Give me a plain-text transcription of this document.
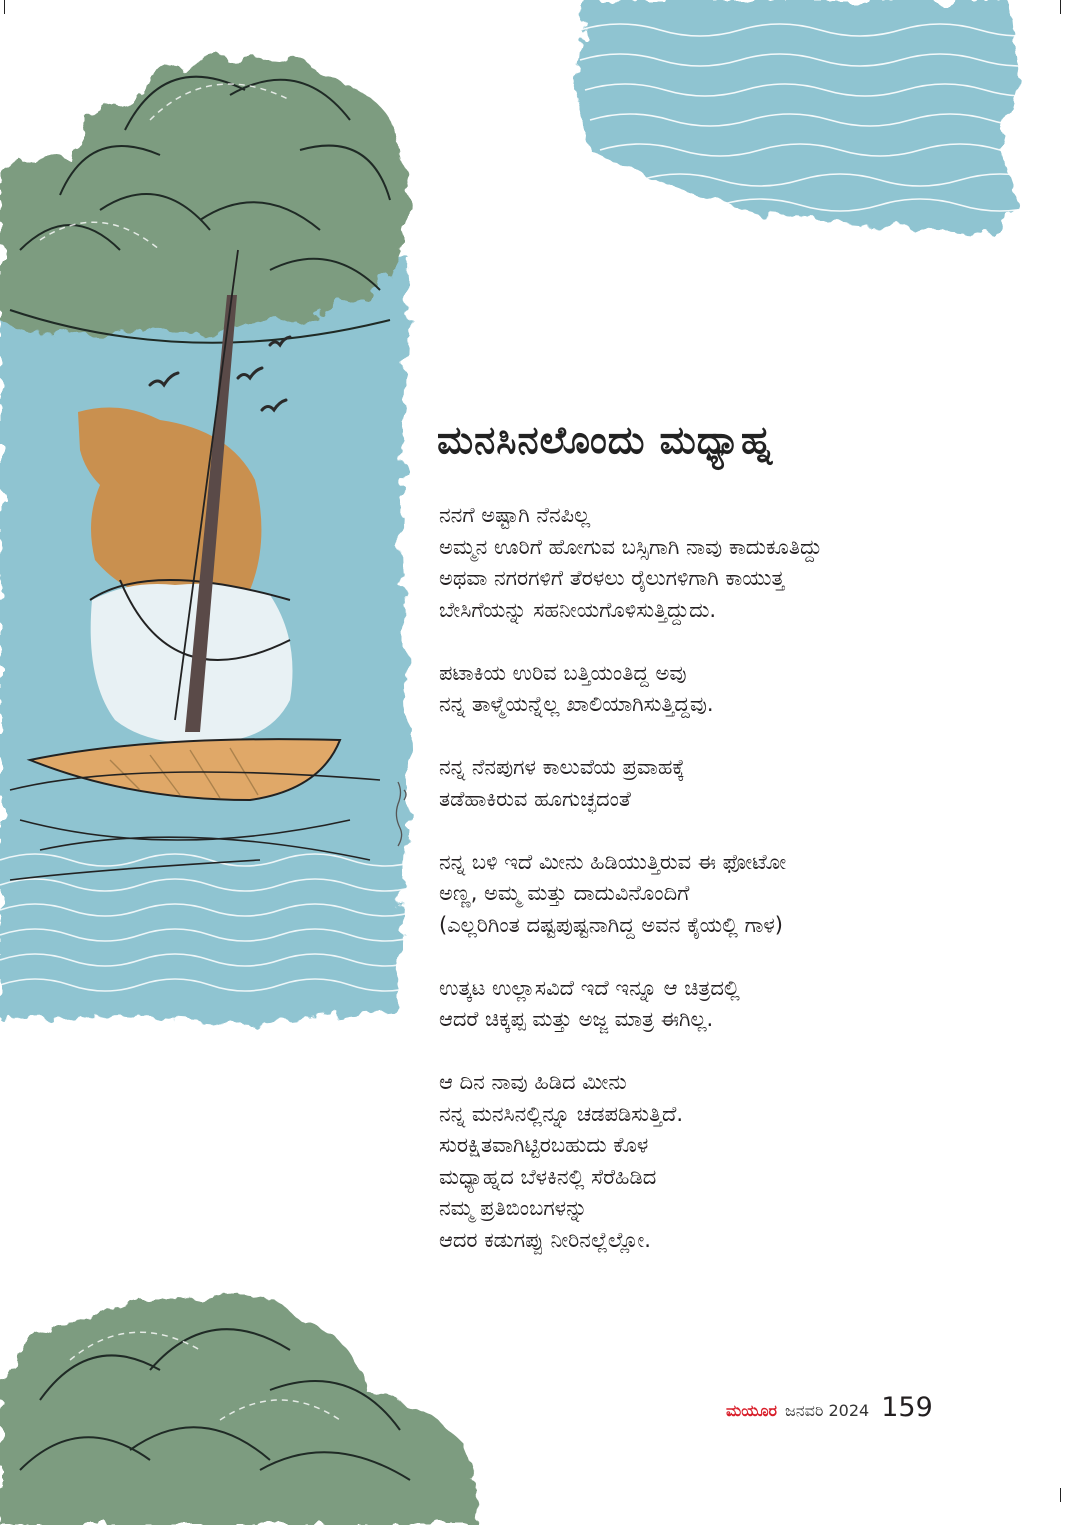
ಮನಸಿನಲೊಂದು ಮಧ್ಯಾಹ್ನ
ನನಗೆ ಅಷ್ಟಾಗಿ ನೆನಪಿಲ್ಲ
ಅಮ್ಮನ ಊರಿಗೆ ಹೋಗುವ ಬಸ್ಸಿಗಾಗಿ ನಾವು ಕಾದುಕೂತಿದ್ದು
ಅಥವಾ ನಗರಗಳಿಗೆ ತೆರಳಲು ರೈಲುಗಳಿಗಾಗಿ ಕಾಯುತ್ತ
ಬೇಸಿಗೆಯನ್ನು ಸಹನೀಯಗೊಳಿಸುತ್ತಿದ್ದುದು.
ಪಟಾಕಿಯ ಉರಿವ ಬತ್ತಿಯಂತಿದ್ದ ಅವು
ನನ್ನ ತಾಳ್ಮೆಯನ್ನೆಲ್ಲ ಖಾಲಿಯಾಗಿಸುತ್ತಿದ್ದವು.
ನನ್ನ ನೆನಪುಗಳ ಕಾಲುವೆಯ ಪ್ರವಾಹಕ್ಕೆ
ತಡೆಹಾಕಿರುವ ಹೂಗುಚ್ಛದಂತೆ
ನನ್ನ ಬಳಿ ಇದೆ ಮೀನು ಹಿಡಿಯುತ್ತಿರುವ ಈ ಫೋಟೋ
ಅಣ್ಣ, ಅಮ್ಮ ಮತ್ತು ದಾದುವಿನೊಂದಿಗೆ
(ಎಲ್ಲರಿಗಿಂತ ದಷ್ಟಪುಷ್ಟನಾಗಿದ್ದ ಅವನ ಕೈಯಲ್ಲಿ ಗಾಳ)
ಉತ್ಕಟ ಉಲ್ಲಾಸವಿದೆ ಇದೆ ಇನ್ನೂ ಆ ಚಿತ್ರದಲ್ಲಿ
ಆದರೆ ಚಿಕ್ಕಪ್ಪ ಮತ್ತು ಅಜ್ಜ ಮಾತ್ರ ಈಗಿಲ್ಲ.
ಆ ದಿನ ನಾವು ಹಿಡಿದ ಮೀನು
ನನ್ನ ಮನಸಿನಲ್ಲಿನ್ನೂ ಚಡಪಡಿಸುತ್ತಿದೆ.
ಸುರಕ್ಷಿತವಾಗಿಟ್ಟಿರಬಹುದು ಕೊಳ
ಮಧ್ಯಾಹ್ನದ ಬೆಳಕಿನಲ್ಲಿ ಸೆರೆಹಿಡಿದ
ನಮ್ಮ ಪ್ರತಿಬಿಂಬಗಳನ್ನು
ಆದರ ಕಡುಗಪ್ಪು ನೀರಿನಲ್ಲೆಲ್ಲೋ.
ಮಯೂರ ಜನವರಿ 2024 159
